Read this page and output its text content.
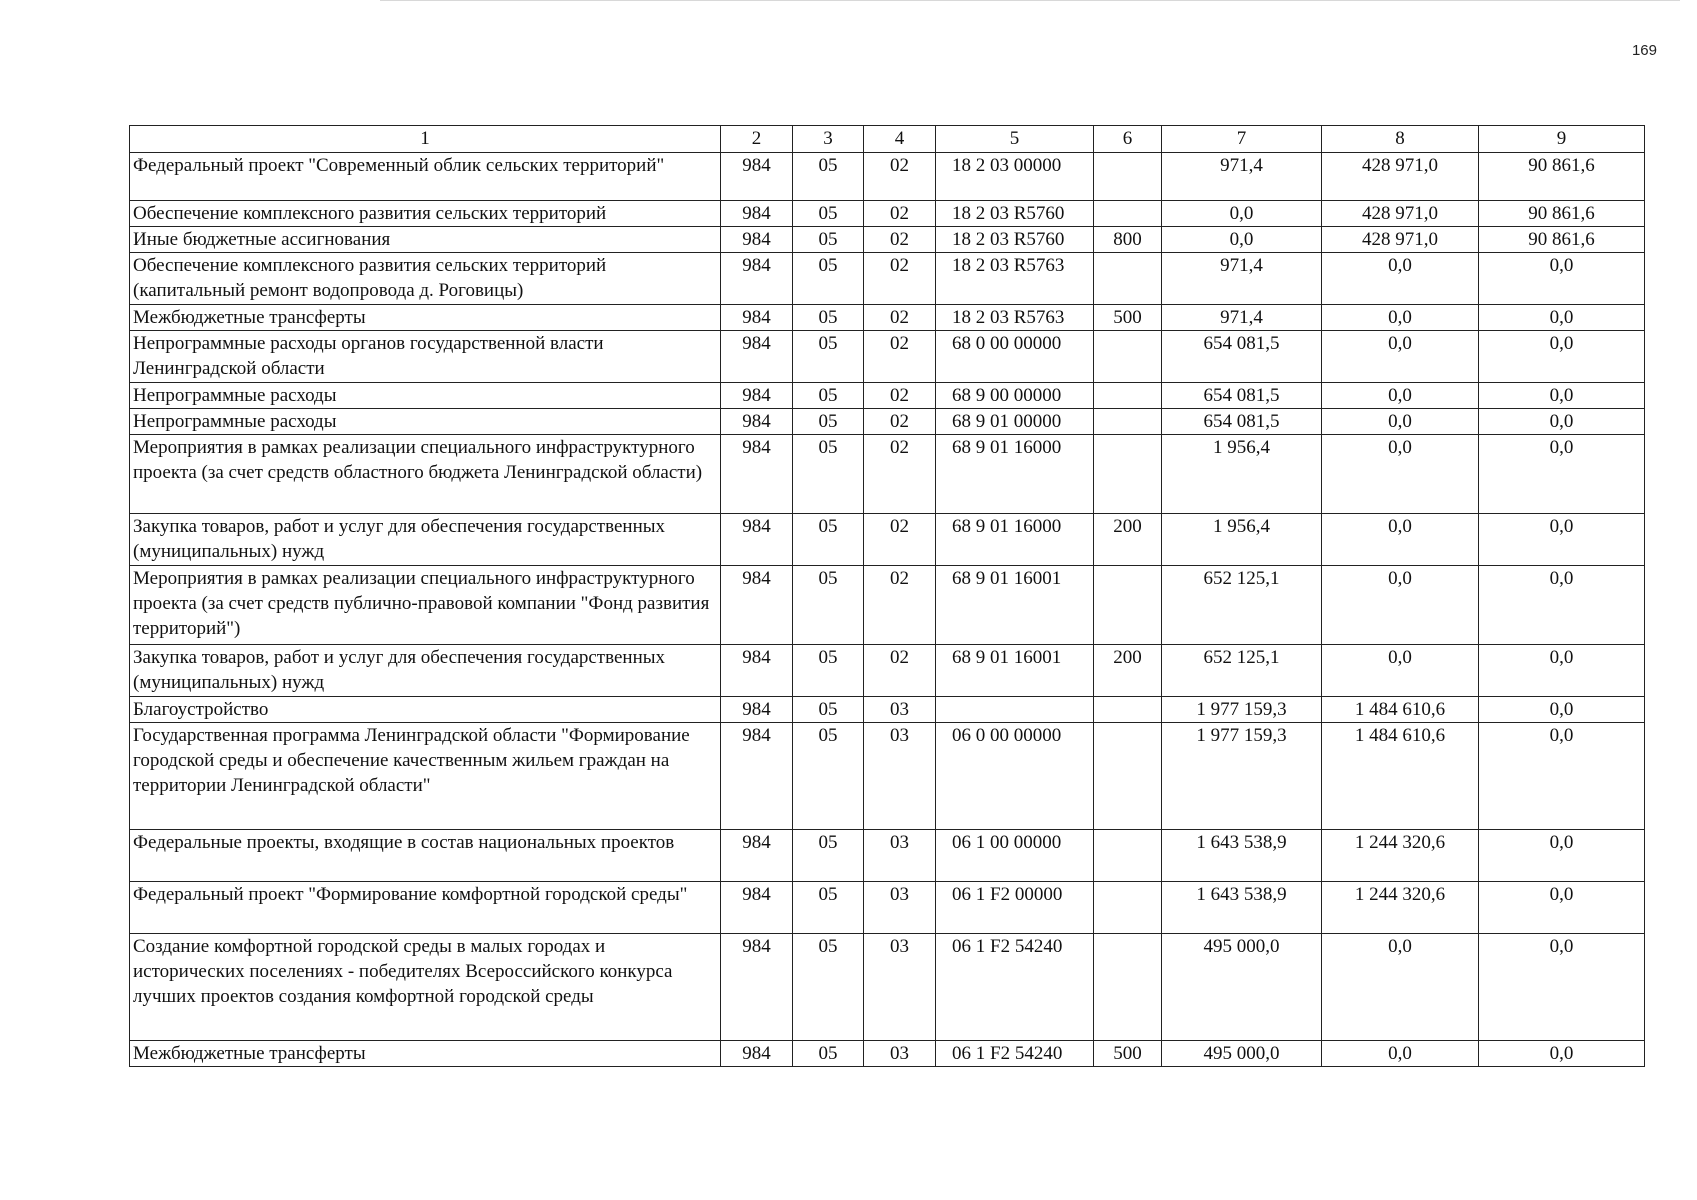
169
1	2	3	4	5	6	7	8	9
Федеральный проект "Современный облик сельских территорий"	984	05	02	18 2 03 00000		971,4	428 971,0	90 861,6
Обеспечение комплексного развития сельских территорий	984	05	02	18 2 03 R5760		0,0	428 971,0	90 861,6
Иные бюджетные ассигнования	984	05	02	18 2 03 R5760	800	0,0	428 971,0	90 861,6
Обеспечение комплексного развития сельских территорий (капитальный ремонт водопровода д. Роговицы)	984	05	02	18 2 03 R5763		971,4	0,0	0,0
Межбюджетные трансферты	984	05	02	18 2 03 R5763	500	971,4	0,0	0,0
Непрограммные расходы органов государственной власти Ленинградской области	984	05	02	68 0 00 00000		654 081,5	0,0	0,0
Непрограммные расходы	984	05	02	68 9 00 00000		654 081,5	0,0	0,0
Непрограммные расходы	984	05	02	68 9 01 00000		654 081,5	0,0	0,0
Мероприятия в рамках реализации специального инфраструктурного проекта (за счет средств областного бюджета Ленинградской области)	984	05	02	68 9 01 16000		1 956,4	0,0	0,0
Закупка товаров, работ и услуг для обеспечения государственных (муниципальных) нужд	984	05	02	68 9 01 16000	200	1 956,4	0,0	0,0
Мероприятия в рамках реализации специального инфраструктурного проекта (за счет средств публично-правовой компании "Фонд развития территорий")	984	05	02	68 9 01 16001		652 125,1	0,0	0,0
Закупка товаров, работ и услуг для обеспечения государственных (муниципальных) нужд	984	05	02	68 9 01 16001	200	652 125,1	0,0	0,0
Благоустройство	984	05	03			1 977 159,3	1 484 610,6	0,0
Государственная программа Ленинградской области "Формирование городской среды и обеспечение качественным жильем граждан на территории Ленинградской области"	984	05	03	06 0 00 00000		1 977 159,3	1 484 610,6	0,0
Федеральные проекты, входящие в состав национальных проектов	984	05	03	06 1 00 00000		1 643 538,9	1 244 320,6	0,0
Федеральный проект "Формирование комфортной городской среды"	984	05	03	06 1 F2 00000		1 643 538,9	1 244 320,6	0,0
Создание комфортной городской среды в малых городах и исторических поселениях - победителях Всероссийского конкурса лучших проектов создания комфортной городской среды	984	05	03	06 1 F2 54240		495 000,0	0,0	0,0
Межбюджетные трансферты	984	05	03	06 1 F2 54240	500	495 000,0	0,0	0,0
